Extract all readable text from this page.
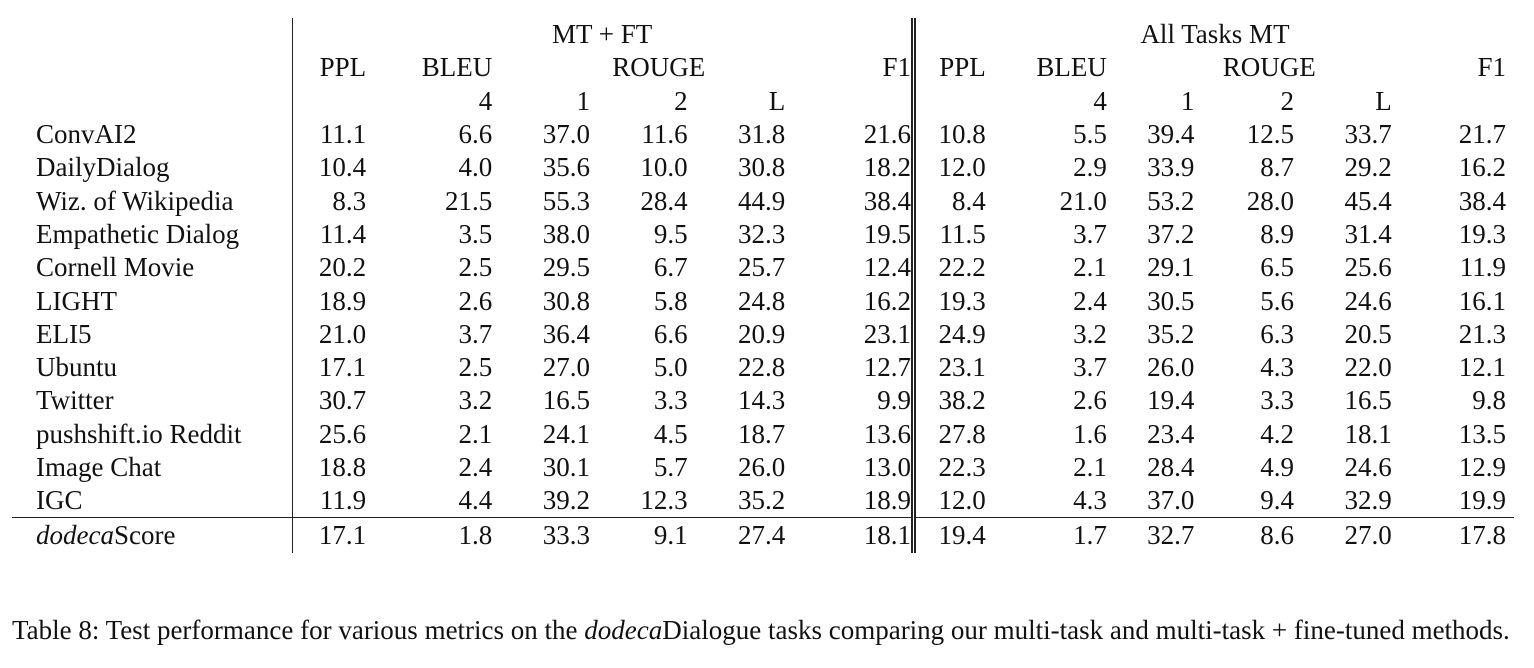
	MT + FT						All Tasks MT					
	PPL	BLEU	ROUGE			F1	PPL	BLEU	ROUGE			F1
		4	1	2	L			4	1	2	L	
ConvAI2	11.1	6.6	37.0	11.6	31.8	21.6	10.8	5.5	39.4	12.5	33.7	21.7
DailyDialog	10.4	4.0	35.6	10.0	30.8	18.2	12.0	2.9	33.9	8.7	29.2	16.2
Wiz. of Wikipedia	8.3	21.5	55.3	28.4	44.9	38.4	8.4	21.0	53.2	28.0	45.4	38.4
Empathetic Dialog	11.4	3.5	38.0	9.5	32.3	19.5	11.5	3.7	37.2	8.9	31.4	19.3
Cornell Movie	20.2	2.5	29.5	6.7	25.7	12.4	22.2	2.1	29.1	6.5	25.6	11.9
LIGHT	18.9	2.6	30.8	5.8	24.8	16.2	19.3	2.4	30.5	5.6	24.6	16.1
ELI5	21.0	3.7	36.4	6.6	20.9	23.1	24.9	3.2	35.2	6.3	20.5	21.3
Ubuntu	17.1	2.5	27.0	5.0	22.8	12.7	23.1	3.7	26.0	4.3	22.0	12.1
Twitter	30.7	3.2	16.5	3.3	14.3	9.9	38.2	2.6	19.4	3.3	16.5	9.8
pushshift.io Reddit	25.6	2.1	24.1	4.5	18.7	13.6	27.8	1.6	23.4	4.2	18.1	13.5
Image Chat	18.8	2.4	30.1	5.7	26.0	13.0	22.3	2.1	28.4	4.9	24.6	12.9
IGC	11.9	4.4	39.2	12.3	35.2	18.9	12.0	4.3	37.0	9.4	32.9	19.9
dodecaScore	17.1	1.8	33.3	9.1	27.4	18.1	19.4	1.7	32.7	8.6	27.0	17.8

Table 8: Test performance for various metrics on the dodecaDialogue tasks comparing our multi-task and multi-task + fine-tuned methods.
